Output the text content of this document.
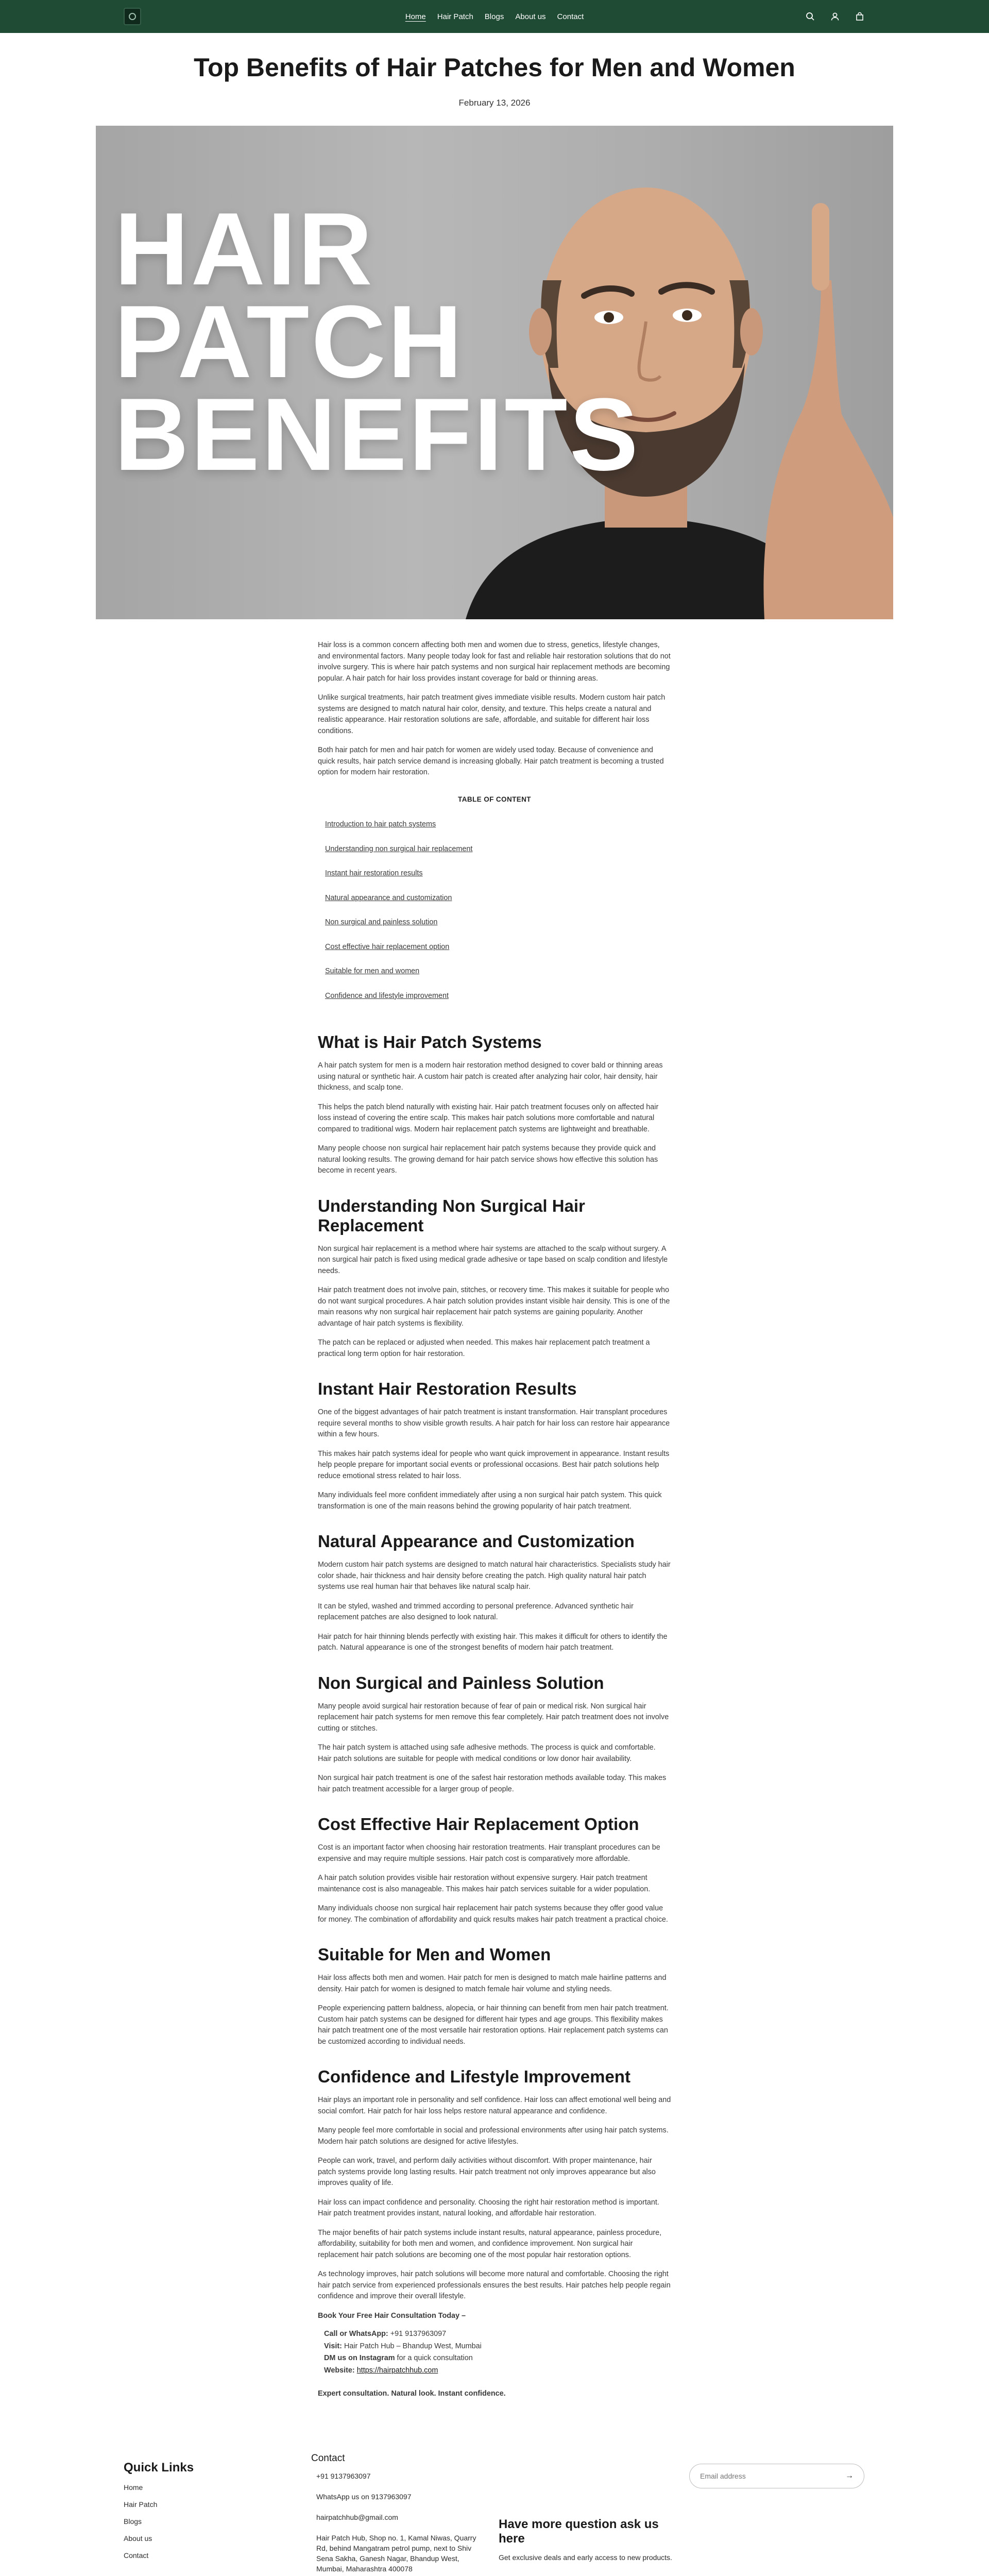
Home Hair Patch Blogs About us Contact
Top Benefits of Hair Patches for Men and Women
February 13, 2026
HAIR
PATCH
BENEFITS

Hair loss is a common concern affecting both men and women due to stress, genetics, lifestyle changes, and environmental factors. Many people today look for fast and reliable hair restoration solutions that do not involve surgery. This is where hair patch systems and non surgical hair replacement methods are becoming popular. A hair patch for hair loss provides instant coverage for bald or thinning areas.

Unlike surgical treatments, hair patch treatment gives immediate visible results. Modern custom hair patch systems are designed to match natural hair color, density, and texture. This helps create a natural and realistic appearance. Hair restoration solutions are safe, affordable, and suitable for different hair loss conditions.

Both hair patch for men and hair patch for women are widely used today. Because of convenience and quick results, hair patch service demand is increasing globally. Hair patch treatment is becoming a trusted option for modern hair restoration.

TABLE OF CONTENT
Introduction to hair patch systems
Understanding non surgical hair replacement
Instant hair restoration results
Natural appearance and customization
Non surgical and painless solution
Cost effective hair replacement option
Suitable for men and women
Confidence and lifestyle improvement
What is Hair Patch Systems

A hair patch system for men is a modern hair restoration method designed to cover bald or thinning areas using natural or synthetic hair. A custom hair patch is created after analyzing hair color, hair density, hair thickness, and scalp tone.

This helps the patch blend naturally with existing hair. Hair patch treatment focuses only on affected hair loss instead of covering the entire scalp. This makes hair patch solutions more comfortable and natural compared to traditional wigs. Modern hair replacement patch systems are lightweight and breathable.

Many people choose non surgical hair replacement hair patch systems because they provide quick and natural looking results. The growing demand for hair patch service shows how effective this solution has become in recent years.

Understanding Non Surgical Hair Replacement

Non surgical hair replacement is a method where hair systems are attached to the scalp without surgery. A non surgical hair patch is fixed using medical grade adhesive or tape based on scalp condition and lifestyle needs.

Hair patch treatment does not involve pain, stitches, or recovery time. This makes it suitable for people who do not want surgical procedures. A hair patch solution provides instant visible hair density. This is one of the main reasons why non surgical hair replacement hair patch systems are gaining popularity. Another advantage of hair patch systems is flexibility.

The patch can be replaced or adjusted when needed. This makes hair replacement patch treatment a practical long term option for hair restoration.

Instant Hair Restoration Results

One of the biggest advantages of hair patch treatment is instant transformation. Hair transplant procedures require several months to show visible growth results. A hair patch for hair loss can restore hair appearance within a few hours.

This makes hair patch systems ideal for people who want quick improvement in appearance. Instant results help people prepare for important social events or professional occasions. Best hair patch solutions help reduce emotional stress related to hair loss.

Many individuals feel more confident immediately after using a non surgical hair patch system. This quick transformation is one of the main reasons behind the growing popularity of hair patch treatment.

Natural Appearance and Customization

Modern custom hair patch systems are designed to match natural hair characteristics. Specialists study hair color shade, hair thickness and hair density before creating the patch. High quality natural hair patch systems use real human hair that behaves like natural scalp hair.

It can be styled, washed and trimmed according to personal preference. Advanced synthetic hair replacement patches are also designed to look natural.

Hair patch for hair thinning blends perfectly with existing hair. This makes it difficult for others to identify the patch. Natural appearance is one of the strongest benefits of modern hair patch treatment.

Non Surgical and Painless Solution

Many people avoid surgical hair restoration because of fear of pain or medical risk. Non surgical hair replacement hair patch systems for men remove this fear completely. Hair patch treatment does not involve cutting or stitches.

The hair patch system is attached using safe adhesive methods. The process is quick and comfortable. Hair patch solutions are suitable for people with medical conditions or low donor hair availability.

Non surgical hair patch treatment is one of the safest hair restoration methods available today. This makes hair patch treatment accessible for a larger group of people.

Cost Effective Hair Replacement Option

Cost is an important factor when choosing hair restoration treatments. Hair transplant procedures can be expensive and may require multiple sessions. Hair patch cost is comparatively more affordable.

A hair patch solution provides visible hair restoration without expensive surgery. Hair patch treatment maintenance cost is also manageable. This makes hair patch services suitable for a wider population.

Many individuals choose non surgical hair replacement hair patch systems because they offer good value for money. The combination of affordability and quick results makes hair patch treatment a practical choice.

Suitable for Men and Women

Hair loss affects both men and women. Hair patch for men is designed to match male hairline patterns and density. Hair patch for women is designed to match female hair volume and styling needs.

People experiencing pattern baldness, alopecia, or hair thinning can benefit from men hair patch treatment. Custom hair patch systems can be designed for different hair types and age groups. This flexibility makes hair patch treatment one of the most versatile hair restoration options. Hair replacement patch systems can be customized according to individual needs.

Confidence and Lifestyle Improvement

Hair plays an important role in personality and self confidence. Hair loss can affect emotional well being and social comfort. Hair patch for hair loss helps restore natural appearance and confidence.

Many people feel more comfortable in social and professional environments after using hair patch systems. Modern hair patch solutions are designed for active lifestyles.

People can work, travel, and perform daily activities without discomfort. With proper maintenance, hair patch systems provide long lasting results. Hair patch treatment not only improves appearance but also improves quality of life.

Hair loss can impact confidence and personality. Choosing the right hair restoration method is important. Hair patch treatment provides instant, natural looking, and affordable hair restoration.

The major benefits of hair patch systems include instant results, natural appearance, painless procedure, affordability, suitability for both men and women, and confidence improvement. Non surgical hair replacement hair patch solutions are becoming one of the most popular hair restoration options.

As technology improves, hair patch solutions will become more natural and comfortable. Choosing the right hair patch service from experienced professionals ensures the best results. Hair patches help people regain confidence and improve their overall lifestyle.

Book Your Free Hair Consultation Today –
Call or WhatsApp: +91 9137963097
Visit: Hair Patch Hub – Bhandup West, Mumbai
DM us on Instagram for a quick consultation
Website: https://hairpatchhub.com
Expert consultation. Natural look. Instant confidence.
Quick Links
Home
Hair Patch
Blogs
About us
Contact
Contact
+91 9137963097
WhatsApp us on 9137963097
hairpatchhub@gmail.com
Hair Patch Hub, Shop no. 1, Kamal Niwas, Quarry Rd, behind Mangatram petrol pump, next to Shiv Sena Sakha, Ganesh Nagar, Bhandup West, Mumbai, Maharashtra 400078
Have more question ask us here

Get exclusive deals and early access to new products.

Email address
→
